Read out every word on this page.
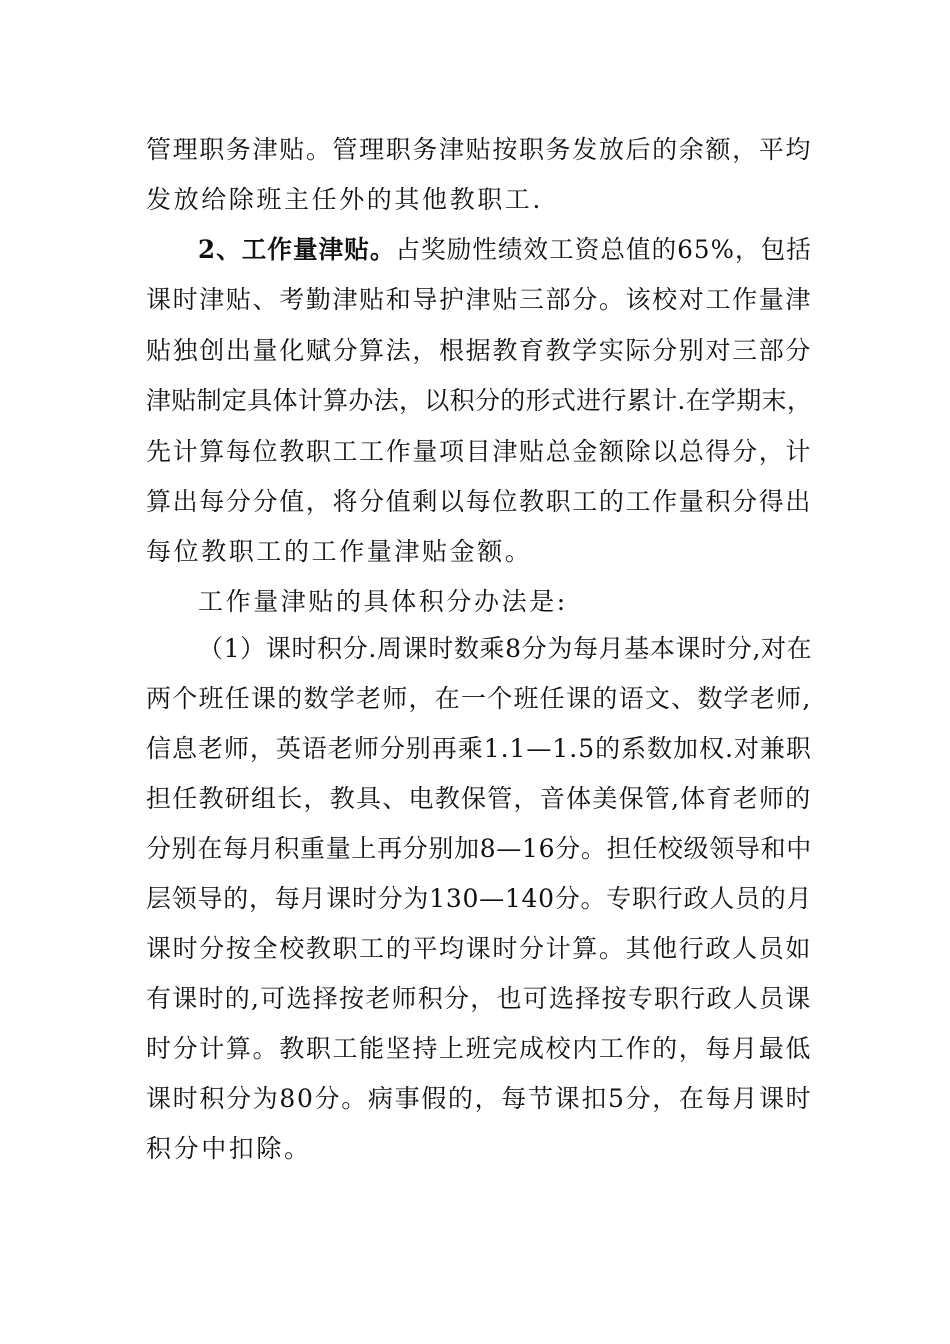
管理职务津贴。管理职务津贴按职务发放后的余额，平均
发放给除班主任外的其他教职工.
2、工作量津贴。占奖励性绩效工资总值的65%，包括
课时津贴、考勤津贴和导护津贴三部分。该校对工作量津
贴独创出量化赋分算法，根据教育教学实际分别对三部分
津贴制定具体计算办法，以积分的形式进行累计.在学期末，
先计算每位教职工工作量项目津贴总金额除以总得分，计
算出每分分值，将分值剩以每位教职工的工作量积分得出
每位教职工的工作量津贴金额。
工作量津贴的具体积分办法是:
（1）课时积分.周课时数乘8分为每月基本课时分,对在
两个班任课的数学老师，在一个班任课的语文、数学老师,
信息老师，英语老师分别再乘1.1—1.5的系数加权.对兼职
担任教研组长，教具、电教保管，音体美保管,体育老师的
分别在每月积重量上再分别加8—16分。担任校级领导和中
层领导的，每月课时分为130—140分。专职行政人员的月
课时分按全校教职工的平均课时分计算。其他行政人员如
有课时的,可选择按老师积分，也可选择按专职行政人员课
时分计算。教职工能坚持上班完成校内工作的，每月最低
课时积分为80分。病事假的，每节课扣5分，在每月课时
积分中扣除。
